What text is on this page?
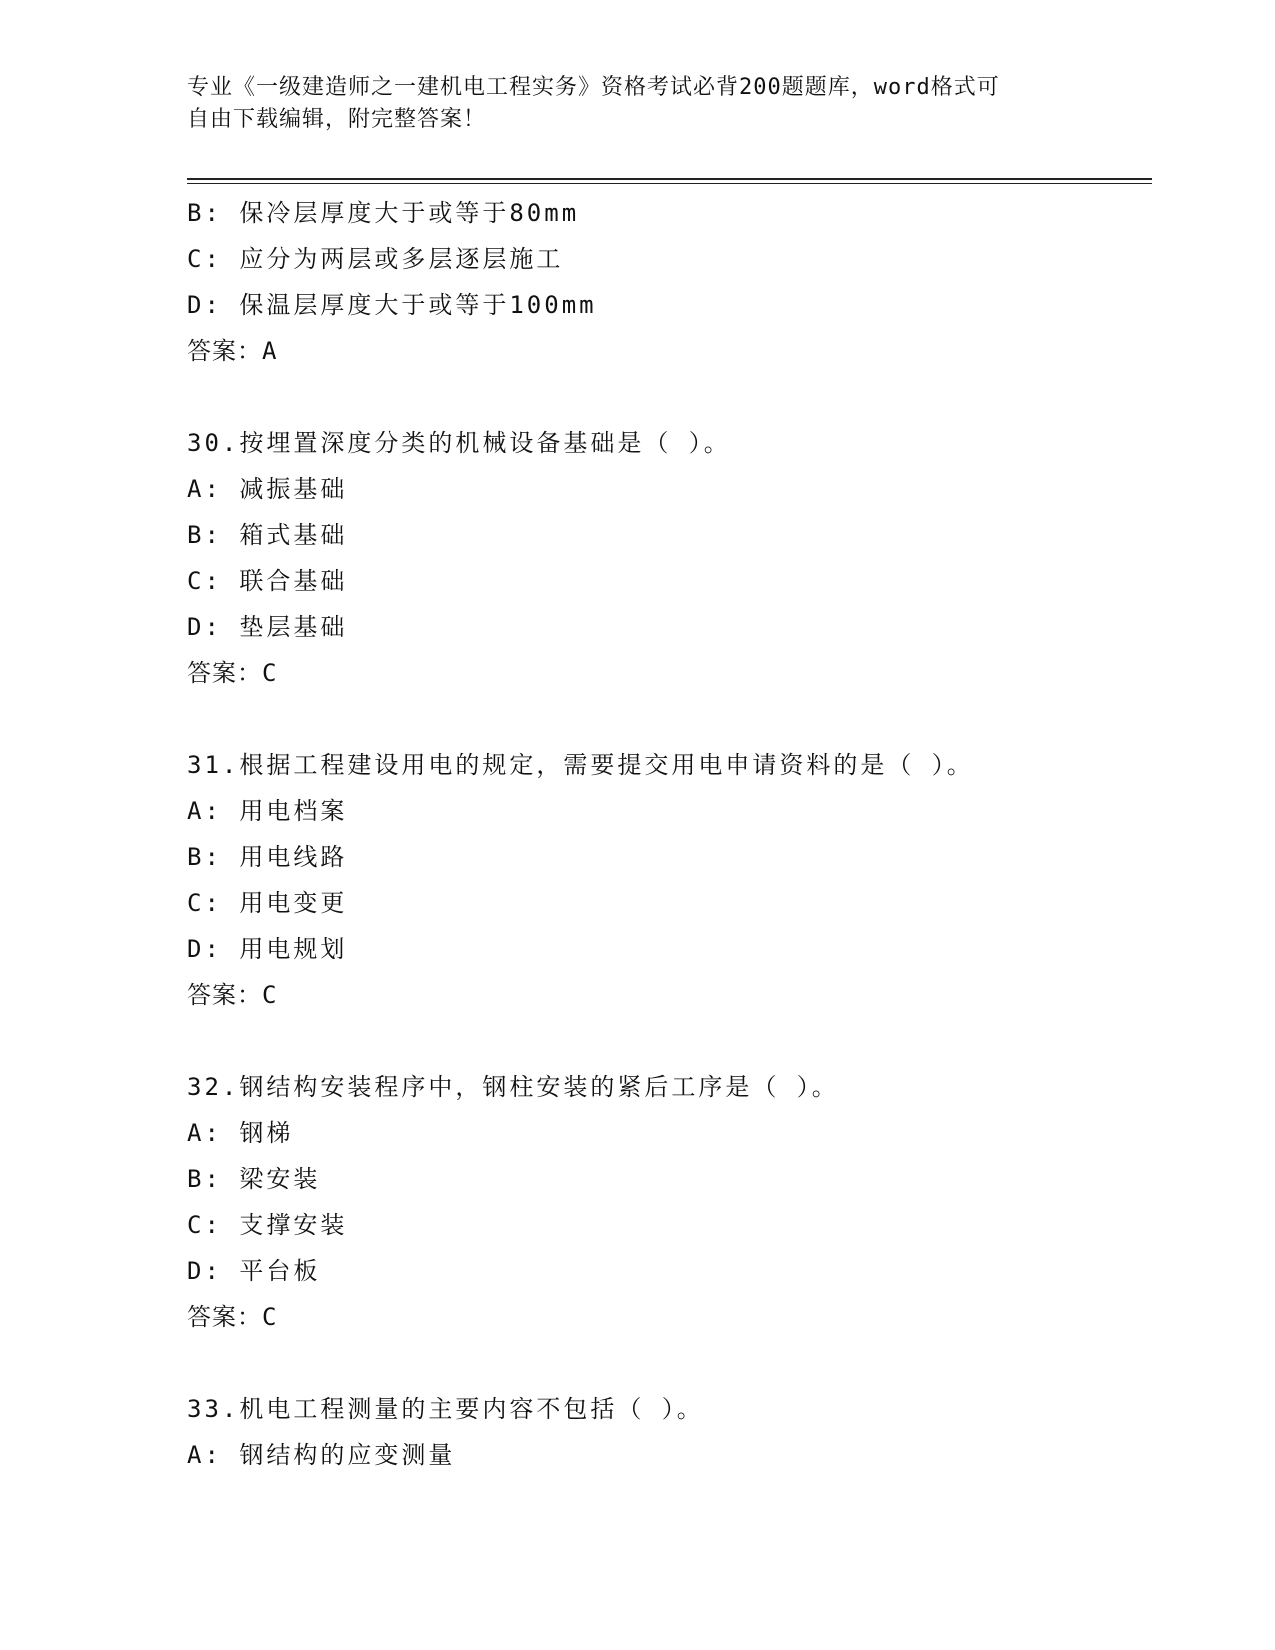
专业《一级建造师之一建机电工程实务》资格考试必背200题题库，word格式可
自由下载编辑，附完整答案！
B: 保冷层厚度大于或等于80mm
C: 应分为两层或多层逐层施工
D: 保温层厚度大于或等于100mm
答案：A
30.按埋置深度分类的机械设备基础是（ ）。
A: 减振基础
B: 箱式基础
C: 联合基础
D: 垫层基础
答案：C
31.根据工程建设用电的规定，需要提交用电申请资料的是（ ）。
A: 用电档案
B: 用电线路
C: 用电变更
D: 用电规划
答案：C
32.钢结构安装程序中，钢柱安装的紧后工序是（ ）。
A: 钢梯
B: 梁安装
C: 支撑安装
D: 平台板
答案：C
33.机电工程测量的主要内容不包括（ ）。
A: 钢结构的应变测量
